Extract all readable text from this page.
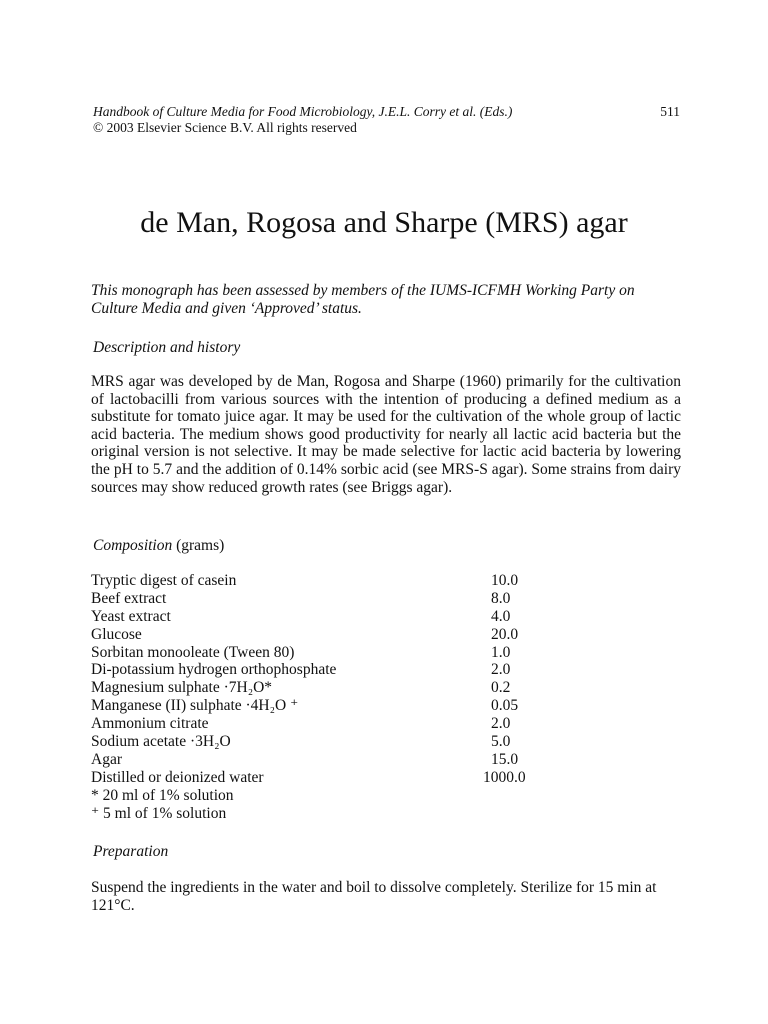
Handbook of Culture Media for Food Microbiology, J.E.L. Corry et al. (Eds.)
© 2003 Elsevier Science B.V. All rights reserved
511
de Man, Rogosa and Sharpe (MRS) agar
This monograph has been assessed by members of the IUMS-ICFMH Working Party on Culture Media and given ‘Approved’ status.
Description and history
MRS agar was developed by de Man, Rogosa and Sharpe (1960) primarily for the cultivation of lactobacilli from various sources with the intention of producing a defined medium as a substitute for tomato juice agar. It may be used for the cultivation of the whole group of lactic acid bacteria. The medium shows good productivity for nearly all lactic acid bacteria but the original version is not selective. It may be made selective for lactic acid bacteria by lowering the pH to 5.7 and the addition of 0.14% sorbic acid (see MRS-S agar). Some strains from dairy sources may show reduced growth rates (see Briggs agar).
Composition (grams)
Tryptic digest of casein	10.0
Beef extract	8.0
Yeast extract	4.0
Glucose	20.0
Sorbitan monooleate (Tween 80)	1.0
Di-potassium hydrogen orthophosphate	2.0
Magnesium sulphate ·7H₂O*	0.2
Manganese (II) sulphate ·4H₂O ⁺	0.05
Ammonium citrate	2.0
Sodium acetate ·3H₂O	5.0
Agar	15.0
Distilled or deionized water	1000.0
* 20 ml of 1% solution
⁺ 5 ml of 1% solution
Preparation
Suspend the ingredients in the water and boil to dissolve completely. Sterilize for 15 min at 121°C.
